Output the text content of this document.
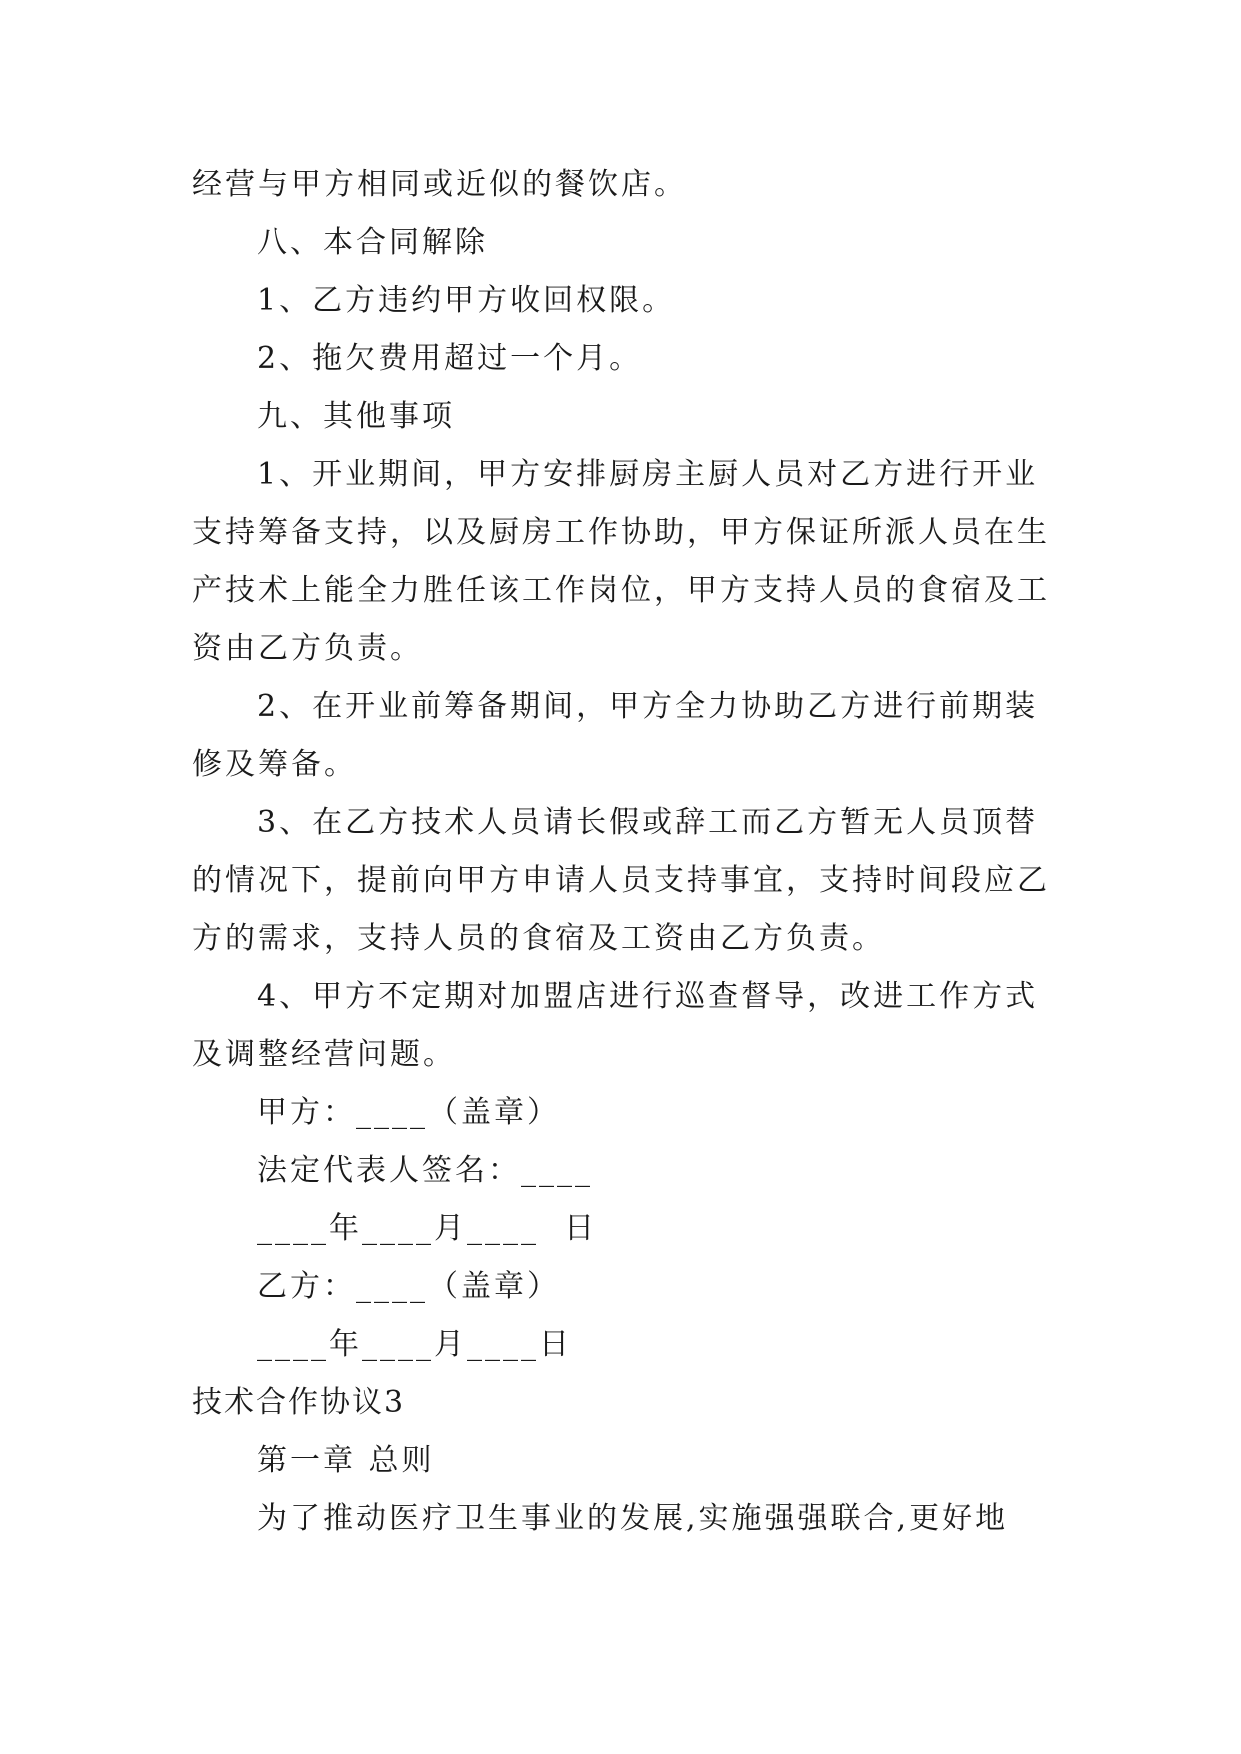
经营与甲方相同或近似的餐饮店。
八、本合同解除
1、乙方违约甲方收回权限。
2、拖欠费用超过一个月。
九、其他事项
1、开业期间，甲方安排厨房主厨人员对乙方进行开业
支持筹备支持，以及厨房工作协助，甲方保证所派人员在生
产技术上能全力胜任该工作岗位，甲方支持人员的食宿及工
资由乙方负责。
2、在开业前筹备期间，甲方全力协助乙方进行前期装
修及筹备。
3、在乙方技术人员请长假或辞工而乙方暂无人员顶替
的情况下，提前向甲方申请人员支持事宜，支持时间段应乙
方的需求，支持人员的食宿及工资由乙方负责。
4、甲方不定期对加盟店进行巡查督导，改进工作方式
及调整经营问题。
甲方：____（盖章）
法定代表人签名：____
____年____月____  日
乙方：____（盖章）
____年____月____日
技术合作协议3
第一章 总则
为了推动医疗卫生事业的发展,实施强强联合,更好地
